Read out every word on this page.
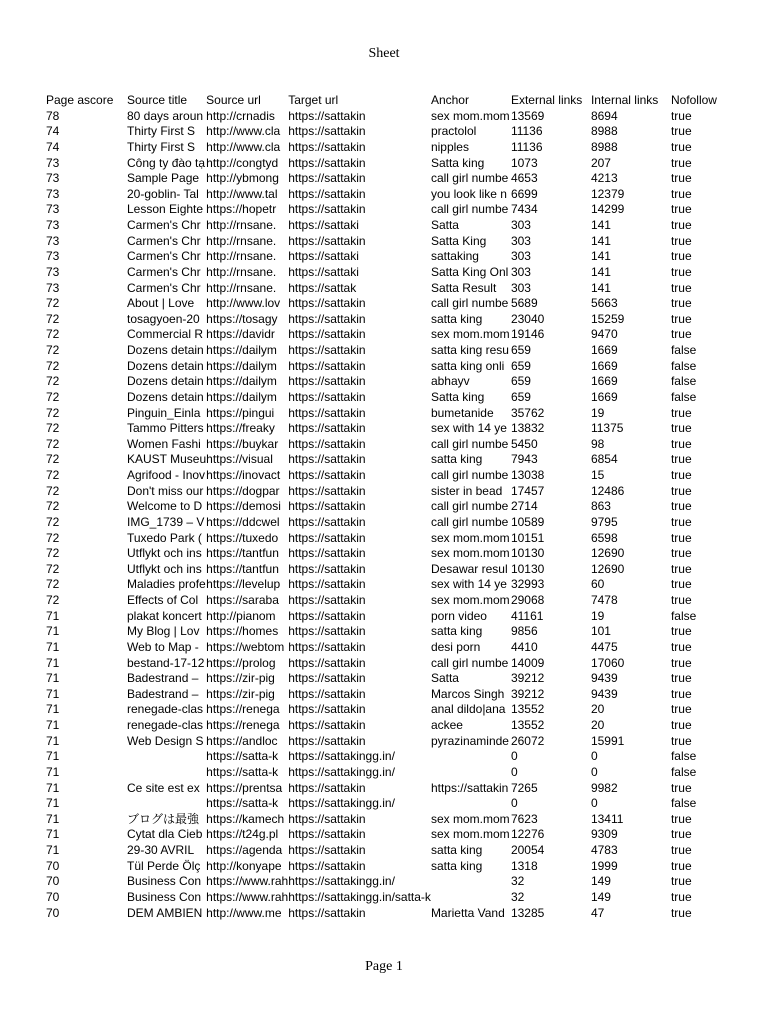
Sheet
Page ascore	Source title	Source url	Target url	Anchor	External links	Internal links	Nofollow
78	80 days aroun	http://crnadis	https://sattakin	sex mom.mom	13569	8694	true
74	Thirty First S	http://www.cla	https://sattakin	practolol	11136	8988	true
74	Thirty First S	http://www.cla	https://sattakin	nipples	11136	8988	true
73	Công ty đào tạ	http://congtyd	https://sattakin	Satta king	1073	207	true
73	Sample Page	http://ybmong	https://sattakin	call girl numbe	4653	4213	true
73	20-goblin- Tal	http://www.tal	https://sattakin	you look like n	6699	12379	true
73	Lesson Eighte	https://hopetr	https://sattakin	call girl numbe	7434	14299	true
73	Carmen's Chr	http://rnsane.	https://sattaki	Satta	303	141	true
73	Carmen's Chr	http://rnsane.	https://sattakin	Satta King	303	141	true
73	Carmen's Chr	http://rnsane.	https://sattaki	sattaking	303	141	true
73	Carmen's Chr	http://rnsane.	https://sattaki	Satta King Onl	303	141	true
73	Carmen's Chr	http://rnsane.	https://sattak	Satta Result	303	141	true
72	About | Love	http://www.lov	https://sattakin	call girl numbe	5689	5663	true
72	tosagyoen-20	https://tosagy	https://sattakin	satta king	23040	15259	true
72	Commercial R	https://davidr	https://sattakin	sex mom.mom	19146	9470	true
72	Dozens detain	https://dailym	https://sattakin	satta king resu	659	1669	false
72	Dozens detain	https://dailym	https://sattakin	satta king onli	659	1669	false
72	Dozens detain	https://dailym	https://sattakin	abhayv	659	1669	false
72	Dozens detain	https://dailym	https://sattakin	Satta king	659	1669	false
72	Pinguin_Einla	https://pingui	https://sattakin	bumetanide	35762	19	true
72	Tammo Pitters	https://freaky	https://sattakin	sex with 14 ye	13832	11375	true
72	Women Fashi	https://buykar	https://sattakin	call girl numbe	5450	98	true
72	KAUST Museu	https://visual	https://sattakin	satta king	7943	6854	true
72	Agrifood - Inov	https://inovact	https://sattakin	call girl numbe	13038	15	true
72	Don't miss our	https://dogpar	https://sattakin	sister in bead	17457	12486	true
72	Welcome to D	https://demosi	https://sattakin	call girl numbe	2714	863	true
72	IMG_1739 – V	https://ddcwel	https://sattakin	call girl numbe	10589	9795	true
72	Tuxedo Park (	https://tuxedo	https://sattakin	sex mom.mom	10151	6598	true
72	Utflykt och ins	https://tantfun	https://sattakin	sex mom.mom	10130	12690	true
72	Utflykt och ins	https://tantfun	https://sattakin	Desawar resul	10130	12690	true
72	Maladies profe	https://levelup	https://sattakin	sex with 14 ye	32993	60	true
72	Effects of Col	https://saraba	https://sattakin	sex mom.mom	29068	7478	true
71	plakat koncert	http://pianom	https://sattakin	porn video	41161	19	false
71	My Blog | Lov	https://homes	https://sattakin	satta king	9856	101	true
71	Web to Map -	https://webtom	https://sattakin	desi porn	4410	4475	true
71	bestand-17-12	https://prolog	https://sattakin	call girl numbe	14009	17060	true
71	Badestrand –	https://zir-pig	https://sattakin	Satta	39212	9439	true
71	Badestrand –	https://zir-pig	https://sattakin	Marcos Singh	39212	9439	true
71	renegade-clas	https://renega	https://sattakin	anal dildo|ana	13552	20	true
71	renegade-clas	https://renega	https://sattakin	ackee	13552	20	true
71	Web Design S	https://andloc	https://sattakin	pyrazinaminde	26072	15991	true
71		https://satta-k	https://sattakingg.in/		0	0	false
71		https://satta-k	https://sattakingg.in/		0	0	false
71	Ce site est ex	https://prentsa	https://sattakin	https://sattakin	7265	9982	true
71		https://satta-k	https://sattakingg.in/		0	0	false
71	ブログは最強	https://kamech	https://sattakin	sex mom.mom	7623	13411	true
71	Cytat dla Cieb	https://t24g.pl	https://sattakin	sex mom.mom	12276	9309	true
71	29-30 AVRIL	https://agenda	https://sattakin	satta king	20054	4783	true
70	Tül Perde Ölç	http://konyape	https://sattakin	satta king	1318	1999	true
70	Business Con	https://www.rah	https://sattakingg.in/		32	149	true
70	Business Con	https://www.rah	https://sattakingg.in/satta-k		32	149	true
70	DEM AMBIEN	http://www.me	https://sattakin	Marietta Vand	13285	47	true
Page 1
